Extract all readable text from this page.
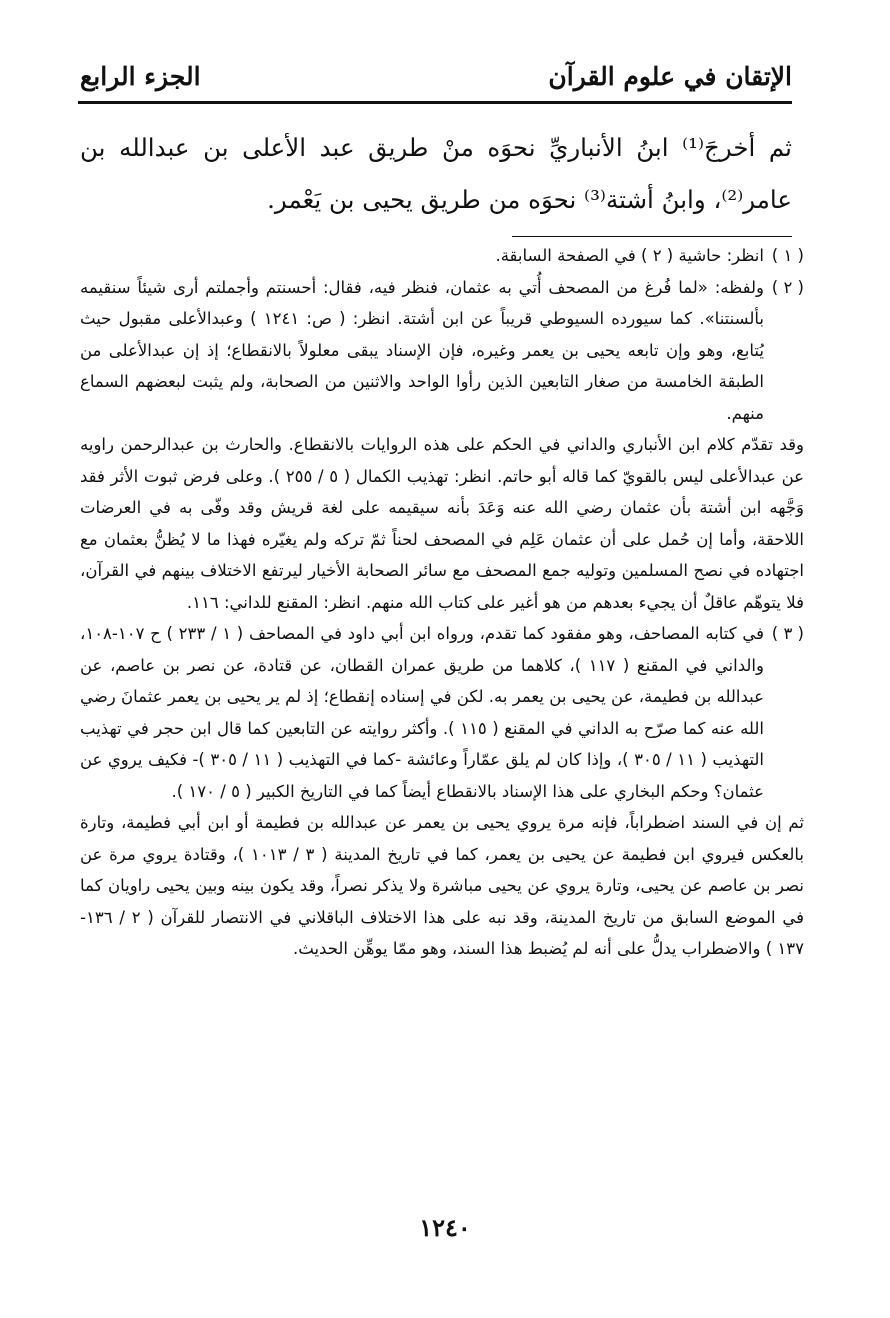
الإتقان في علوم القرآن
الجزء الرابع

ثم أخرجَ⁽¹⁾ ابنُ الأنباريِّ نحوَه منْ طريق عبد الأعلى بن عبدالله بن عامر⁽²⁾، وابنُ أشتة⁽³⁾ نحوَه من طريق يحيى بن يَعْمر.

( ١ )
انظر: حاشية ( ٢ ) في الصفحة السابقة.
( ٢ )
ولفظه: «لما فُرغ من المصحف أُتي به عثمان، فنظر فيه، فقال: أحسنتم وأجملتم أرى شيئاً سنقيمه بألسنتنا». كما سيورده السيوطي قريباً عن ابن أشتة. انظر: ( ص: ١٢٤١ ) وعبدالأعلى مقبول حيث يُتابع، وهو وإن تابعه يحيى بن يعمر وغيره، فإن الإسناد يبقى معلولاً بالانقطاع؛ إذ إن عبدالأعلى من الطبقة الخامسة من صغار التابعين الذين رأوا الواحد والاثنين من الصحابة، ولم يثبت لبعضهم السماع منهم.

وقد تقدّم كلام ابن الأنباري والداني في الحكم على هذه الروايات بالانقطاع. والحارث بن عبدالرحمن راويه عن عبدالأعلى ليس بالقويّ كما قاله أبو حاتم. انظر: تهذيب الكمال ( ٥ / ٢٥٥ ). وعلى فرض ثبوت الأثر فقد وَجَّهه ابن أشتة بأن عثمان رضي الله عنه وَعَدَ بأنه سيقيمه على لغة قريش وقد وفّى به في العرضات اللاحقة، وأما إن حُمل على أن عثمان عَلِم في المصحف لحناً ثمّ تركه ولم يغيّره فهذا ما لا يُظنُّ بعثمان مع اجتهاده في نصح المسلمين وتوليه جمع المصحف مع سائر الصحابة الأخيار ليرتفع الاختلاف بينهم في القرآن، فلا يتوهّم عاقلٌ أن يجيء بعدهم من هو أغير على كتاب الله منهم. انظر: المقنع للداني: ١١٦.

( ٣ )
في كتابه المصاحف، وهو مفقود كما تقدم، ورواه ابن أبي داود في المصاحف ( ١ / ٢٣٣ ) ح ١٠٧-١٠٨، والداني في المقنع ( ١١٧ )، كلاهما من طريق عمران القطان، عن قتادة، عن نصر بن عاصم، عن عبدالله بن فطيمة، عن يحيى بن يعمر به. لكن في إسناده إنقطاع؛ إذ لم ير يحيى بن يعمر عثمانَ رضي الله عنه كما صرّح به الداني في المقنع ( ١١٥ ). وأكثر روايته عن التابعين كما قال ابن حجر في تهذيب التهذيب ( ١١ / ٣٠٥ )، وإذا كان لم يلق عمّاراً وعائشة -كما في التهذيب ( ١١ / ٣٠٥ )- فكيف يروي عن عثمان؟ وحكم البخاري على هذا الإسناد بالانقطاع أيضاً كما في التاريخ الكبير ( ٥ / ١٧٠ ).

ثم إن في السند اضطراباً، فإنه مرة يروي يحيى بن يعمر عن عبدالله بن فطيمة أو ابن أبي فطيمة، وتارة بالعكس فيروي ابن فطيمة عن يحيى بن يعمر، كما في تاريخ المدينة ( ٣ / ١٠١٣ )، وقتادة يروي مرة عن نصر بن عاصم عن يحيى، وتارة يروي عن يحيى مباشرة ولا يذكر نصراً، وقد يكون بينه وبين يحيى راويان كما في الموضع السابق من تاريخ المدينة، وقد نبه على هذا الاختلاف الباقلاني في الانتصار للقرآن ( ٢ / ١٣٦- ١٣٧ ) والاضطراب يدلُّ على أنه لم يُضبط هذا السند، وهو ممّا يوهِّن الحديث.

١٢٤٠
